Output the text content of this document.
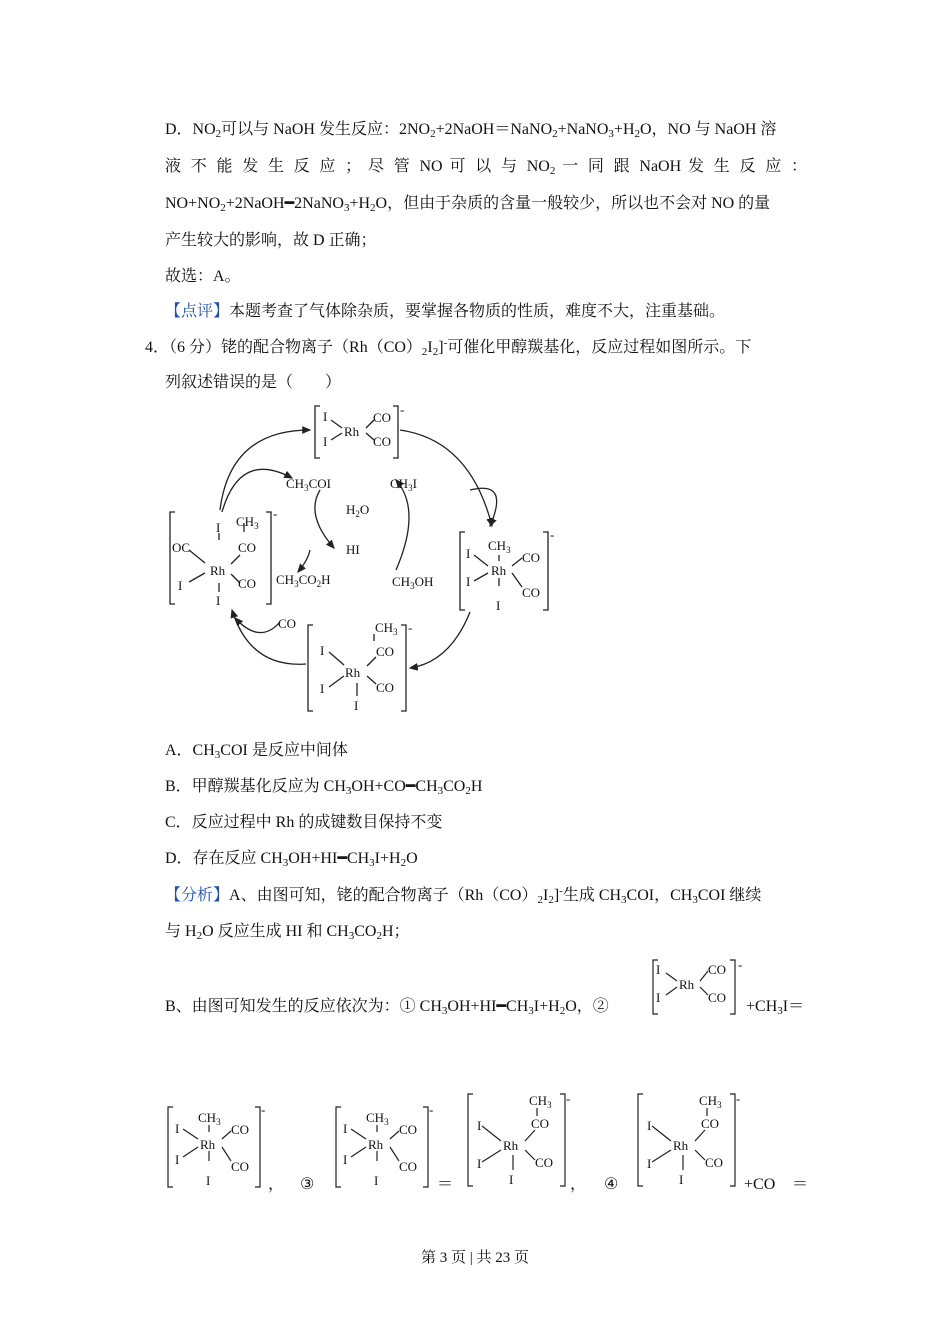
D．$NO_2$可以与 NaOH 发生反应：$2NO_2+2NaOH=NaNO_2+NaNO_3+H_2O$，NO 与 NaOH 溶
液 不 能 发 生 反 应 ； 尽 管 NO 可 以 与 $NO_2$ 一 同 跟 NaOH 发 生 反 应 ：
$NO+NO_2+2NaOH━2NaNO_3+H_2O$，但由于杂质的含量一般较少，所以也不会对 NO 的量
产生较大的影响，故 D 正确；
故选：A。
【点评】本题考查了气体除杂质，要掌握各物质的性质，难度不大，注重基础。
4．（6 分）铑的配合物离子$(Rh(CO)_2I_2]^-$可催化甲醇羰基化，反应过程如图所示。下
列叙述错误的是（　　）
I
I
Rh
CO
CO
-
$CH_3$
I
I
Rh
CO
CO
I
-
$CH_3$
I
I
Rh
CO
CO
I
-
$CH_3$
I
OC
I
Rh
CO
CO
I
-
$CH_3COI$
$H_2O$
HI
$CH_3I$
$CH_3CO_2H$	$CH_3OH$
CO
A．$CH_3COI$ 是反应中间体
B．甲醇羰基化反应为 $CH_3OH+CO━CH_3CO_2H$
C．反应过程中 Rh 的成键数目保持不变
D．存在反应 $CH_3OH+HI━CH_3I+H_2O$
【分析】A、由图可知，铑的配合物离子$(Rh(CO)_2I_2]^-$生成 $CH_3COI$，$CH_3COI$ 继续
与 $H_2O$ 反应生成 HI 和 $CH_3CO_2H$；
B、由图可知发生的反应依次为：① $CH_3OH+HI━CH_3I+H_2O$，②
I
I
Rh
CO
CO
-
$+CH_3I=$
$CH_3$
I
I
Rh
CO
CO
I
-
， ③
$CH_3$
I
I
Rh
CO
CO
I
-
＝
$CH_3$
I
I
Rh
CO
CO
I
-
， ④
$CH_3$
I
I
Rh
CO
CO
I
-
+CO ＝
第 3 页 | 共 23 页
